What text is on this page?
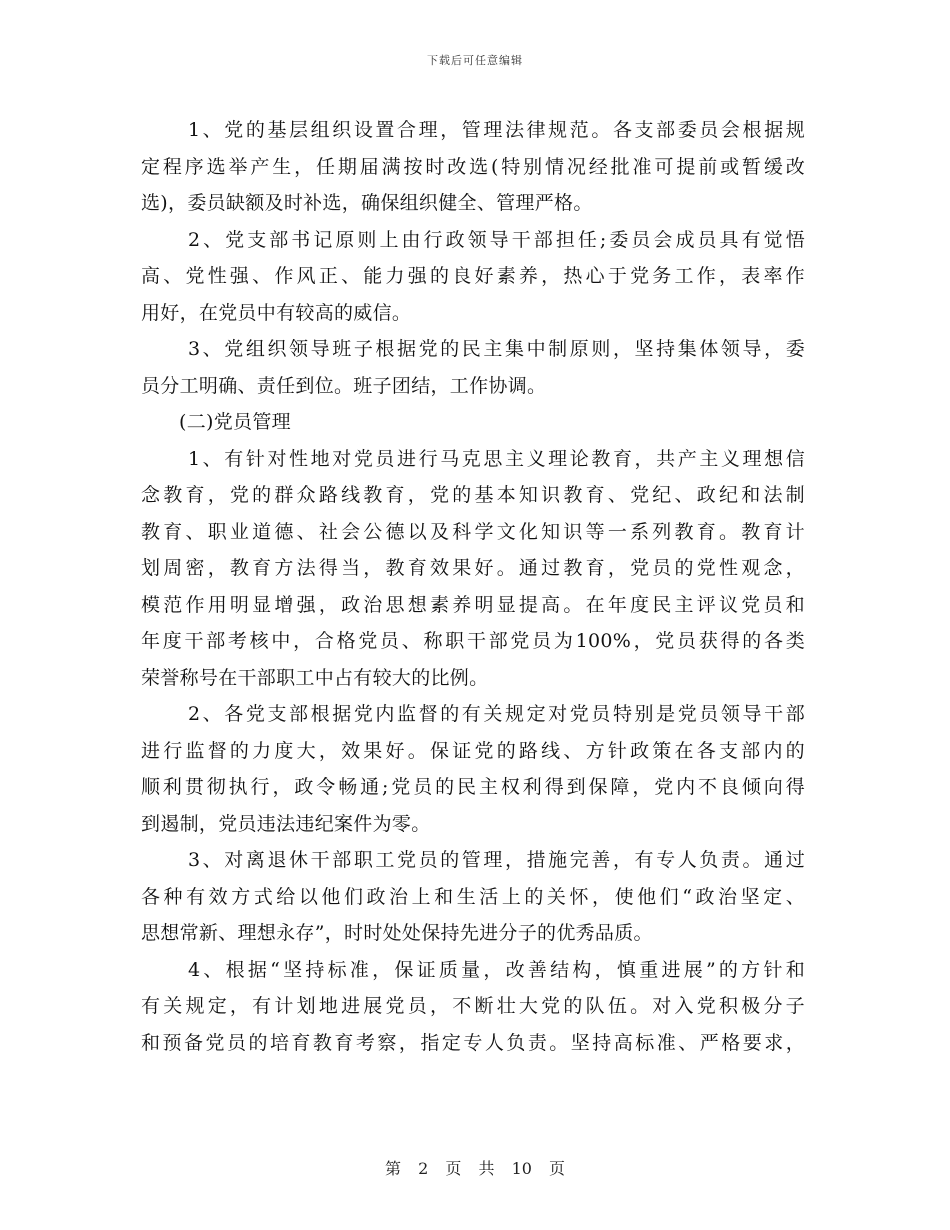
下载后可任意编辑
1、党的基层组织设置合理，管理法律规范。各支部委员会根据规
定程序选举产生，任期届满按时改选(特别情况经批准可提前或暂缓改
选)，委员缺额及时补选，确保组织健全、管理严格。
2、党支部书记原则上由行政领导干部担任;委员会成员具有觉悟
高、党性强、作风正、能力强的良好素养，热心于党务工作，表率作
用好，在党员中有较高的威信。
3、党组织领导班子根据党的民主集中制原则，坚持集体领导，委
员分工明确、责任到位。班子团结，工作协调。
(二)党员管理
1、有针对性地对党员进行马克思主义理论教育，共产主义理想信
念教育，党的群众路线教育，党的基本知识教育、党纪、政纪和法制
教育、职业道德、社会公德以及科学文化知识等一系列教育。教育计
划周密，教育方法得当，教育效果好。通过教育，党员的党性观念，
模范作用明显增强，政治思想素养明显提高。在年度民主评议党员和
年度干部考核中，合格党员、称职干部党员为100%，党员获得的各类
荣誉称号在干部职工中占有较大的比例。
2、各党支部根据党内监督的有关规定对党员特别是党员领导干部
进行监督的力度大，效果好。保证党的路线、方针政策在各支部内的
顺利贯彻执行，政令畅通;党员的民主权利得到保障，党内不良倾向得
到遏制，党员违法违纪案件为零。
3、对离退休干部职工党员的管理，措施完善，有专人负责。通过
各种有效方式给以他们政治上和生活上的关怀，使他们“政治坚定、
思想常新、理想永存”，时时处处保持先进分子的优秀品质。
4、根据“坚持标准，保证质量，改善结构，慎重进展”的方针和
有关规定，有计划地进展党员，不断壮大党的队伍。对入党积极分子
和预备党员的培育教育考察，指定专人负责。坚持高标准、严格要求，
第 2 页 共 10 页
